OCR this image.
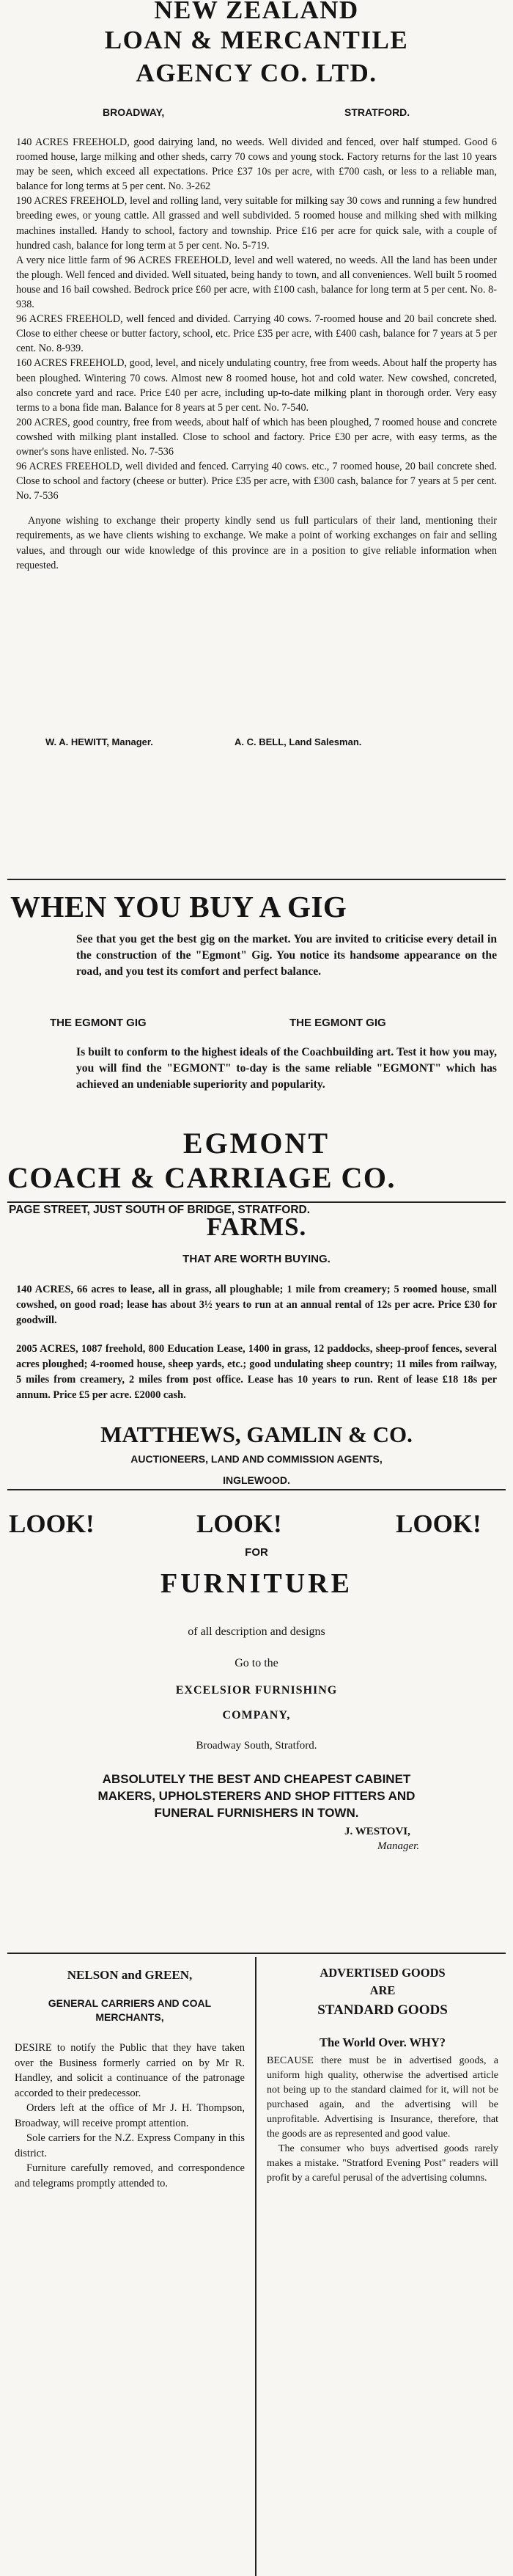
NEW ZEALAND
LOAN & MERCANTILE
AGENCY CO. LTD.
BROADWAY,	STRATFORD.

140 ACRES FREEHOLD, good dairying land, no weeds. Well divided and fenced, over half stumped. Good 6 roomed house, large milking and other sheds, carry 70 cows and young stock. Factory returns for the last 10 years may be seen, which exceed all expectations. Price £37 10s per acre, with £700 cash, or less to a reliable man, balance for long terms at 5 per cent. No. 3-262

190 ACRES FREEHOLD, level and rolling land, very suitable for milking say 30 cows and running a few hundred breeding ewes, or young cattle. All grassed and well subdivided. 5 roomed house and milking shed with milking machines installed. Handy to school, factory and township. Price £16 per acre for quick sale, with a couple of hundred cash, balance for long term at 5 per cent. No. 5-719.

A very nice little farm of 96 ACRES FREEHOLD, level and well watered, no weeds. All the land has been under the plough. Well fenced and divided. Well situated, being handy to town, and all conveniences. Well built 5 roomed house and 16 bail cowshed. Bedrock price £60 per acre, with £100 cash, balance for long term at 5 per cent. No. 8-938.

96 ACRES FREEHOLD, well fenced and divided. Carrying 40 cows. 7-roomed house and 20 bail concrete shed. Close to either cheese or butter factory, school, etc. Price £35 per acre, with £400 cash, balance for 7 years at 5 per cent. No. 8-939.

160 ACRES FREEHOLD, good, level, and nicely undulating country, free from weeds. About half the property has been ploughed. Wintering 70 cows. Almost new 8 roomed house, hot and cold water. New cowshed, concreted, also concrete yard and race. Price £40 per acre, including up-to-date milking plant in thorough order. Very easy terms to a bona fide man. Balance for 8 years at 5 per cent. No. 7-540.

200 ACRES, good country, free from weeds, about half of which has been ploughed, 7 roomed house and concrete cowshed with milking plant installed. Close to school and factory. Price £30 per acre, with easy terms, as the owner's sons have enlisted. No. 7-536

96 ACRES FREEHOLD, well divided and fenced. Carrying 40 cows. etc., 7 roomed house, 20 bail concrete shed. Close to school and factory (cheese or butter). Price £35 per acre, with £300 cash, balance for 7 years at 5 per cent. No. 7-536

Anyone wishing to exchange their property kindly send us full particulars of their land, mentioning their requirements, as we have clients wishing to exchange. We make a point of working exchanges on fair and selling values, and through our wide knowledge of this province are in a position to give reliable information when requested.

W. A. HEWITT, Manager.	A. C. BELL, Land Salesman.
WHEN YOU BUY A GIG
See that you get the best gig on the market. You are invited to criticise every detail in the construction of the "Egmont" Gig. You notice its handsome appearance on the road, and you test its comfort and perfect balance.
THE EGMONT GIG	THE EGMONT GIG
Is built to conform to the highest ideals of the Coachbuilding art. Test it how you may, you will find the "EGMONT" to-day is the same reliable "EGMONT" which has achieved an undeniable superiority and popularity.
EGMONT
COACH & CARRIAGE CO.
PAGE STREET, JUST SOUTH OF BRIDGE, STRATFORD.
FARMS.
THAT ARE WORTH BUYING.

140 ACRES, 66 acres to lease, all in grass, all ploughable; 1 mile from creamery; 5 roomed house, small cowshed, on good road; lease has about 3½ years to run at an annual rental of 12s per acre. Price £30 for goodwill.

2005 ACRES, 1087 freehold, 800 Education Lease, 1400 in grass, 12 paddocks, sheep-proof fences, several acres ploughed; 4-roomed house, sheep yards, etc.; good undulating sheep country; 11 miles from railway, 5 miles from creamery, 2 miles from post office. Lease has 10 years to run. Rent of lease £18 18s per annum. Price £5 per acre. £2000 cash.

MATTHEWS, GAMLIN & CO.
AUCTIONEERS, LAND AND COMMISSION AGENTS,
INGLEWOOD.
LOOK!	LOOK!	LOOK!
FOR
FURNITURE
of all description and designs
Go to the
EXCELSIOR FURNISHING
COMPANY,
Broadway South, Stratford.
ABSOLUTELY THE BEST AND CHEAPEST CABINET
MAKERS, UPHOLSTERERS AND SHOP FITTERS AND
FUNERAL FURNISHERS IN TOWN.
J. WESTOVI,
Manager.
NELSON and GREEN,
GENERAL CARRIERS AND COAL MERCHANTS,

DESIRE to notify the Public that they have taken over the Business formerly carried on by Mr R. Handley, and solicit a continuance of the patronage accorded to their predecessor.

Orders left at the office of Mr J. H. Thompson, Broadway, will receive prompt attention.

Sole carriers for the N.Z. Express Company in this district.

Furniture carefully removed, and correspondence and telegrams promptly attended to.

ADVERTISED GOODS
ARE
STANDARD GOODS
The World Over. WHY?

BECAUSE there must be in advertised goods, a uniform high quality, otherwise the advertised article not being up to the standard claimed for it, will not be purchased again, and the advertising will be unprofitable. Advertising is Insurance, therefore, that the goods are as represented and good value.

The consumer who buys advertised goods rarely makes a mistake. "Stratford Evening Post" readers will profit by a careful perusal of the advertising columns.
